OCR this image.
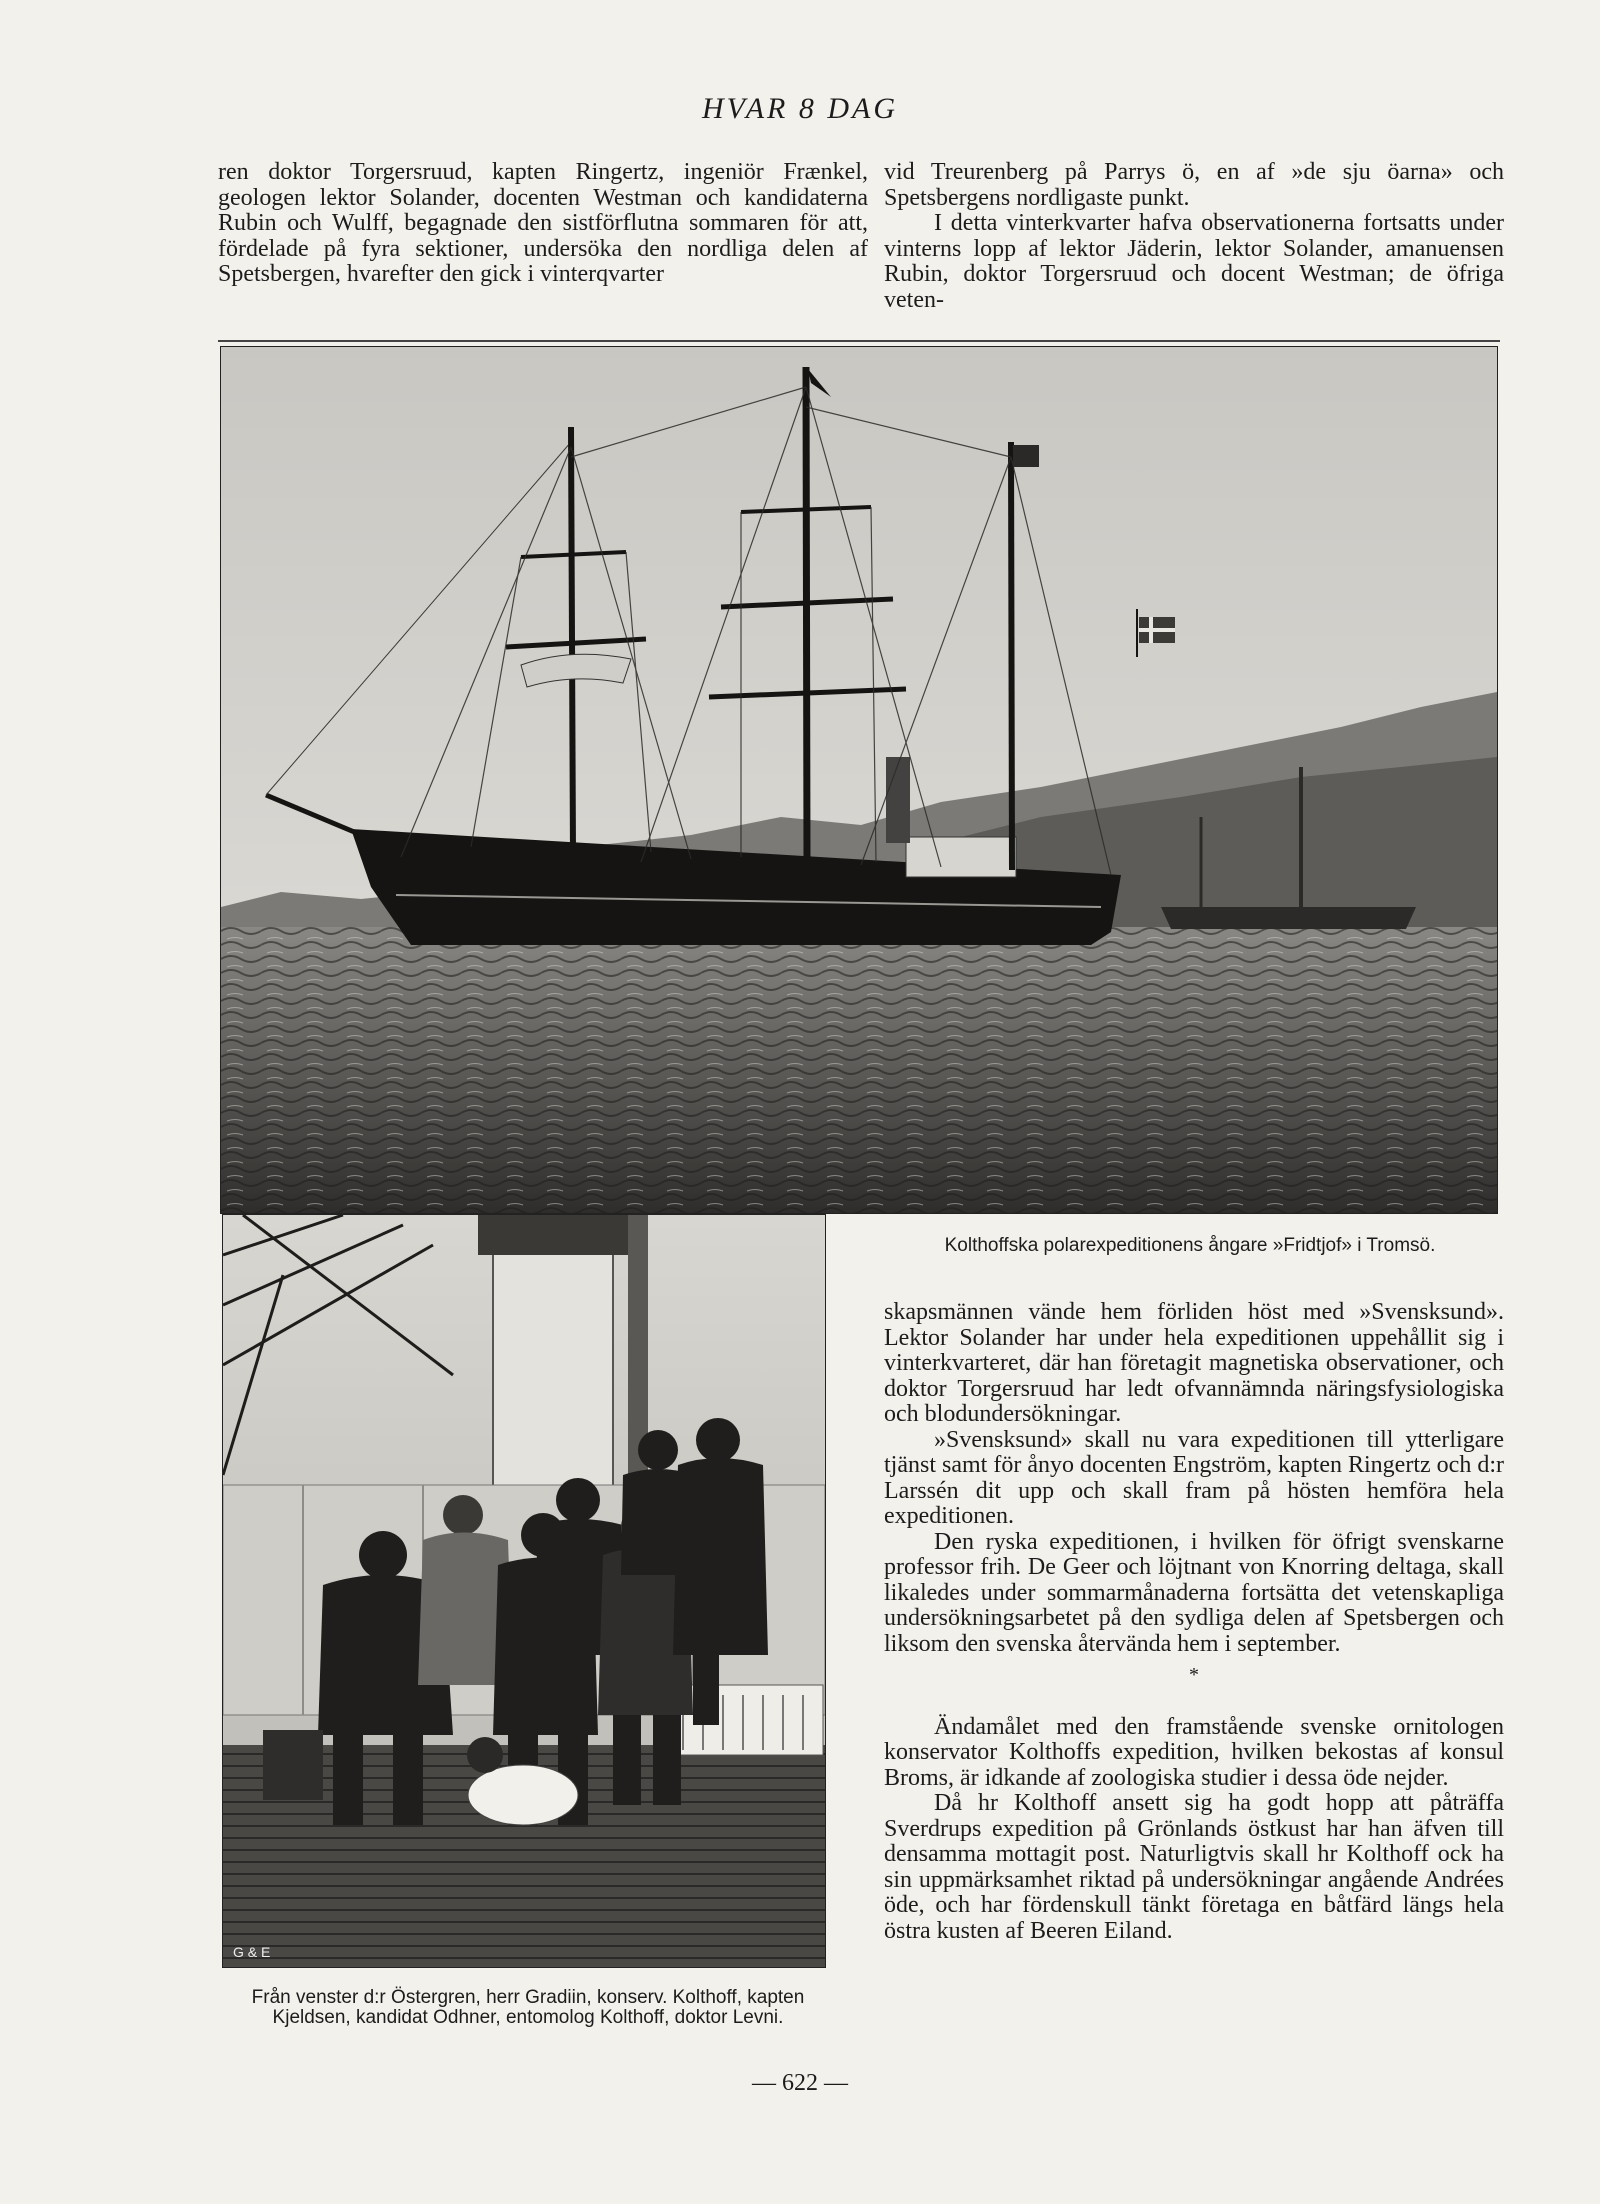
HVAR 8 DAG

ren doktor Torgersruud, kapten Ringertz, ingeniör Frænkel, geologen lektor Solander, docenten Westman och kandidaterna Rubin och Wulff, begagnade den sistförflutna sommaren för att, fördelade på fyra sektioner, undersöka den nordliga delen af Spetsbergen, hvarefter den gick i vinterqvarter

vid Treurenberg på Parrys ö, en af »de sju öarna» och Spetsbergens nordligaste punkt.

I detta vinterkvarter hafva observationerna fortsatts under vinterns lopp af lektor Jäderin, lektor Solander, amanuensen Rubin, doktor Torgersruud och docent Westman; de öfriga veten-

G & E
Kolthoffska polarexpeditionens ångare »Fridtjof» i Tromsö.

skapsmännen vände hem förliden höst med »Svensksund». Lektor Solander har under hela expeditionen uppehållit sig i vinterkvarteret, där han företagit magnetiska observationer, och doktor Torgersruud har ledt ofvannämnda näringsfysiologiska och blodundersökningar.

»Svensksund» skall nu vara expeditionen till ytterligare tjänst samt för ånyo docenten Engström, kapten Ringertz och d:r Larssén dit upp och skall fram på hösten hemföra hela expeditionen.

Den ryska expeditionen, i hvilken för öfrigt svenskarne professor frih. De Geer och löjtnant von Knorring deltaga, skall likaledes under sommarmånaderna fortsätta det vetenskapliga undersökningsarbetet på den sydliga delen af Spetsbergen och liksom den svenska återvända hem i september.

*

Ändamålet med den framstående svenske ornitologen konservator Kolthoffs expedition, hvilken bekostas af konsul Broms, är idkande af zoologiska studier i dessa öde nejder.

Då hr Kolthoff ansett sig ha godt hopp att påträffa Sverdrups expedition på Grönlands östkust har han äfven till densamma mottagit post. Naturligtvis skall hr Kolthoff ock ha sin uppmärksamhet riktad på undersökningar angående Andrées öde, och har fördenskull tänkt företaga en båtfärd längs hela östra kusten af Beeren Eiland.

Från venster d:r Östergren, herr Gradiin, konserv. Kolthoff, kapten Kjeldsen, kandidat Odhner, entomolog Kolthoff, doktor Levni.
— 622 —
